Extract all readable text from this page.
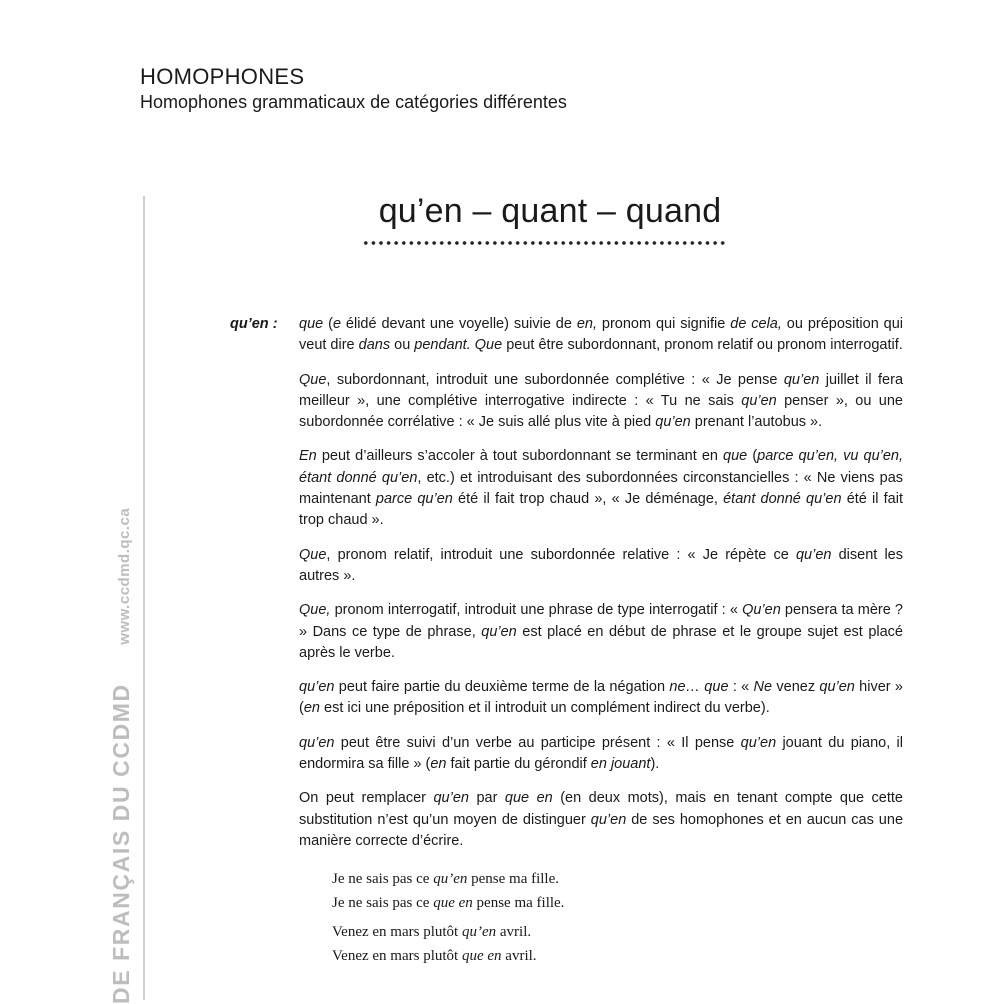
HOMOPHONES
Homophones grammaticaux de catégories différentes
DE FRANÇAIS DU CCDMD www.ccdmd.qc.ca
qu’en – quant – quand
qu’en : que (e élidé devant une voyelle) suivie de en, pronom qui signifie de cela, ou préposition qui veut dire dans ou pendant. Que peut être subordonnant, pronom relatif ou pronom interrogatif.

Que, subordonnant, introduit une subordonnée complétive : « Je pense qu’en juillet il fera meilleur », une complétive interrogative indirecte : « Tu ne sais qu’en penser », ou une subordonnée corrélative : « Je suis allé plus vite à pied qu’en prenant l’autobus ».

En peut d’ailleurs s’accoler à tout subordonnant se terminant en que (parce qu’en, vu qu’en, étant donné qu’en, etc.) et introduisant des subordonnées circonstancielles : « Ne viens pas maintenant parce qu’en été il fait trop chaud », « Je déménage, étant donné qu’en été il fait trop chaud ».

Que, pronom relatif, introduit une subordonnée relative : « Je répète ce qu’en disent les autres ».

Que, pronom interrogatif, introduit une phrase de type interrogatif : « Qu’en pensera ta mère ? » Dans ce type de phrase, qu’en est placé en début de phrase et le groupe sujet est placé après le verbe.

qu’en peut faire partie du deuxième terme de la négation ne… que : « Ne venez qu’en hiver » (en est ici une préposition et il introduit un complément indirect du verbe).

qu’en peut être suivi d’un verbe au participe présent : « Il pense qu’en jouant du piano, il endormira sa fille » (en fait partie du gérondif en jouant).

On peut remplacer qu’en par que en (en deux mots), mais en tenant compte que cette substitution n’est qu’un moyen de distinguer qu’en de ses homophones et en aucun cas une manière correcte d’écrire.

Je ne sais pas ce qu’en pense ma fille.
Je ne sais pas ce que en pense ma fille.
Venez en mars plutôt qu’en avril.
Venez en mars plutôt que en avril.
